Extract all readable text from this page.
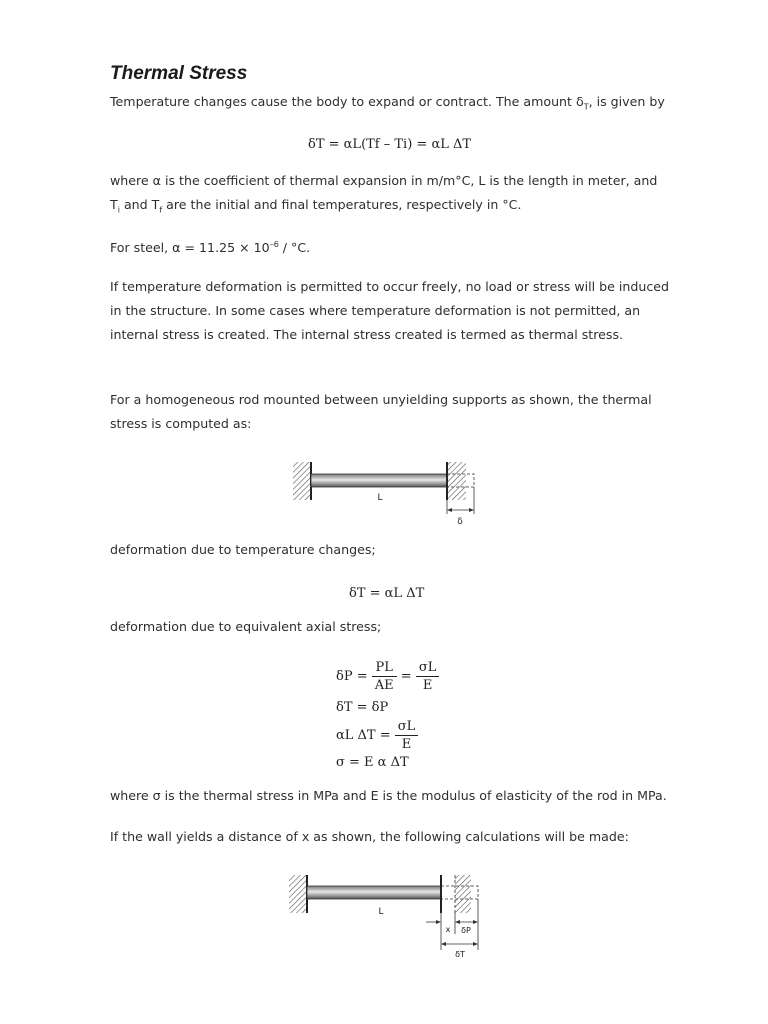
Thermal Stress

Temperature changes cause the body to expand or contract. The amount $\delta_T$, is given by

δT = αL(Tf – Ti) = αL ΔT

where α is the coefficient of thermal expansion in m/m°C, L is the length in meter, and
$T_i$ and $T_f$ are the initial and final temperatures, respectively in °C.

For steel, $\alpha = 11.25 \times 10^{-6} / ^\circ C$.

If temperature deformation is permitted to occur freely, no load or stress will be induced in the structure. In some cases where temperature deformation is not permitted, an internal stress is created. The internal stress created is termed as thermal stress.

For a homogeneous rod mounted between unyielding supports as shown, the thermal stress is computed as:

L
δ

deformation due to temperature changes;

δT = αL ΔT

deformation due to equivalent axial stress;

$\delta P = \frac{PL}{AE} = \frac{\sigma L}{E}$
δT = δP
αL $\Delta T = \frac{\sigma L}{E}$
σ = E α ΔT

where σ is the thermal stress in MPa and E is the modulus of elasticity of the rod in MPa.

If the wall yields a distance of x as shown, the following calculations will be made:

L
x δP
δT
